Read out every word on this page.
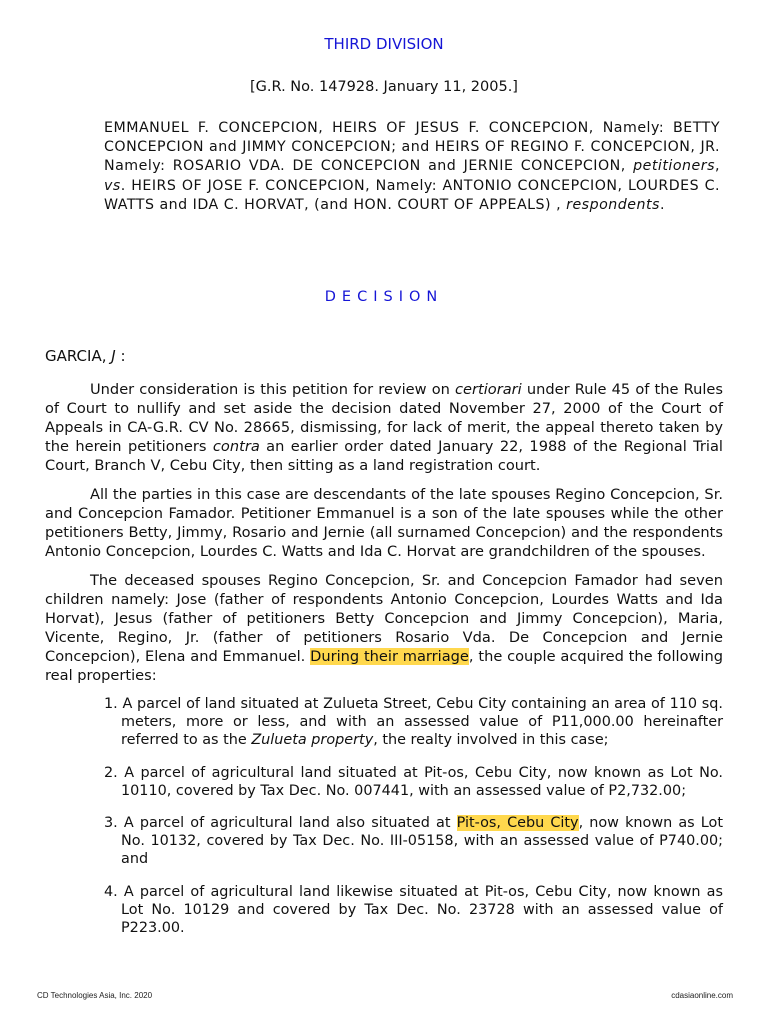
THIRD DIVISION
[G.R. No. 147928. January 11, 2005.]
EMMANUEL F. CONCEPCION, HEIRS OF JESUS F. CONCEPCION, Namely: BETTY CONCEPCION and JIMMY CONCEPCION; and HEIRS OF REGINO F. CONCEPCION, JR. Namely: ROSARIO VDA. DE CONCEPCION and JERNIE CONCEPCION, petitioners, vs. HEIRS OF JOSE F. CONCEPCION, Namely: ANTONIO CONCEPCION, LOURDES C. WATTS and IDA C. HORVAT, (and HON. COURT OF APPEALS) , respondents.
DECISION
GARCIA, J :

Under consideration is this petition for review on certiorari under Rule 45 of the Rules of Court to nullify and set aside the decision dated November 27, 2000 of the Court of Appeals in CA-G.R. CV No. 28665, dismissing, for lack of merit, the appeal thereto taken by the herein petitioners contra an earlier order dated January 22, 1988 of the Regional Trial Court, Branch V, Cebu City, then sitting as a land registration court.

All the parties in this case are descendants of the late spouses Regino Concepcion, Sr. and Concepcion Famador. Petitioner Emmanuel is a son of the late spouses while the other petitioners Betty, Jimmy, Rosario and Jernie (all surnamed Concepcion) and the respondents Antonio Concepcion, Lourdes C. Watts and Ida C. Horvat are grandchildren of the spouses.

The deceased spouses Regino Concepcion, Sr. and Concepcion Famador had seven children namely: Jose (father of respondents Antonio Concepcion, Lourdes Watts and Ida Horvat), Jesus (father of petitioners Betty Concepcion and Jimmy Concepcion), Maria, Vicente, Regino, Jr. (father of petitioners Rosario Vda. De Concepcion and Jernie Concepcion), Elena and Emmanuel. During their marriage, the couple acquired the following real properties:

1. A parcel of land situated at Zulueta Street, Cebu City containing an area of 110 sq. meters, more or less, and with an assessed value of P11,000.00 hereinafter referred to as the Zulueta property, the realty involved in this case;
2. A parcel of agricultural land situated at Pit-os, Cebu City, now known as Lot No. 10110, covered by Tax Dec. No. 007441, with an assessed value of P2,732.00;
3. A parcel of agricultural land also situated at Pit-os, Cebu City, now known as Lot No. 10132, covered by Tax Dec. No. III-05158, with an assessed value of P740.00; and
4. A parcel of agricultural land likewise situated at Pit-os, Cebu City, now known as Lot No. 10129 and covered by Tax Dec. No. 23728 with an assessed value of P223.00.
CD Technologies Asia, Inc. 2020	cdasiaonline.com
